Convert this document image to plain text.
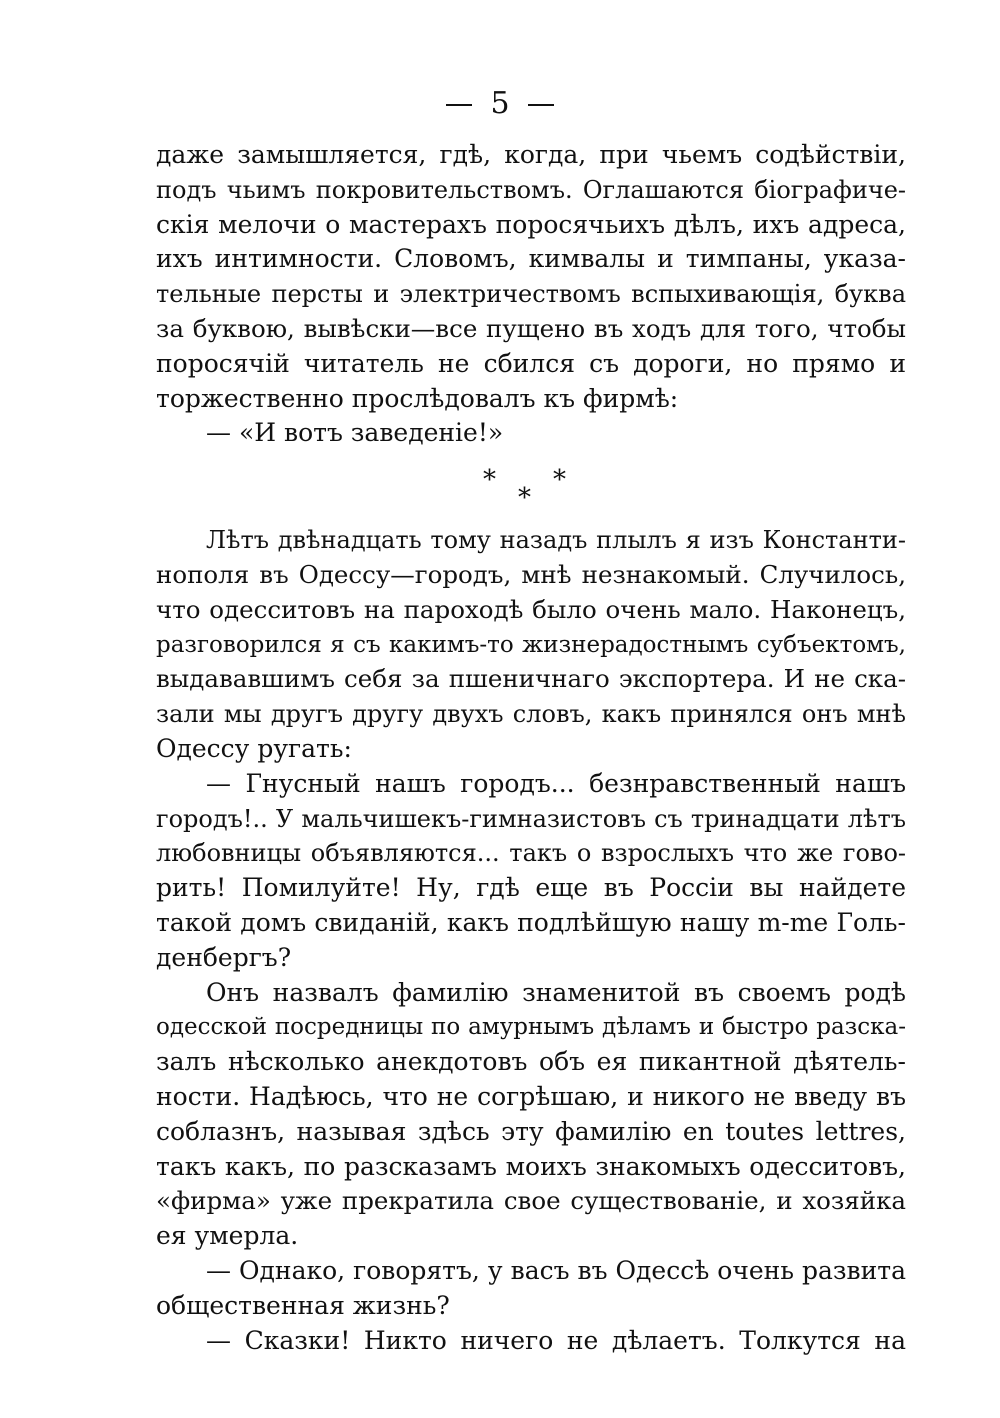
5
даже замышляется, гдѣ, когда, при чьемъ содѣйствіи,
подъ чьимъ покровительствомъ. Оглашаются біографиче-
скія мелочи о мастерахъ поросячьихъ дѣлъ, ихъ адреса,
ихъ интимности. Словомъ, кимвалы и тимпаны, указа-
тельные персты и электричествомъ вспыхивающія, буква
за буквою, вывѣски—все пущено въ ходъ для того, чтобы
поросячій читатель не сбился съ дороги, но прямо и
торжественно прослѣдовалъ къ фирмѣ:
— «И вотъ заведеніе!»
* *
*
Лѣтъ двѣнадцать тому назадъ плылъ я изъ Константи-
нополя въ Одессу—городъ, мнѣ незнакомый. Случилось,
что одесситовъ на пароходѣ было очень мало. Наконецъ,
разговорился я съ какимъ-то жизнерадостнымъ субъектомъ,
выдававшимъ себя за пшеничнаго экспортера. И не ска-
зали мы другъ другу двухъ словъ, какъ принялся онъ мнѣ
Одессу ругать:
— Гнусный нашъ городъ... безнравственный нашъ
городъ!.. У мальчишекъ-гимназистовъ съ тринадцати лѣтъ
любовницы объявляются... такъ о взрослыхъ что же гово-
рить! Помилуйте! Ну, гдѣ еще въ Россіи вы найдете
такой домъ свиданій, какъ подлѣйшую нашу m-me Голь-
денбергъ?
Онъ назвалъ фамилію знаменитой въ своемъ родѣ
одесской посредницы по амурнымъ дѣламъ и быстро разска-
залъ нѣсколько анекдотовъ объ ея пикантной дѣятель-
ности. Надѣюсь, что не согрѣшаю, и никого не введу въ
соблазнъ, называя здѣсь эту фамилію en toutes lettres,
такъ какъ, по разсказамъ моихъ знакомыхъ одесситовъ,
«фирма» уже прекратила свое существованіе, и хозяйка
ея умерла.
— Однако, говорятъ, у васъ въ Одессѣ очень развита
общественная жизнь?
— Сказки! Никто ничего не дѣлаетъ. Толкутся на
